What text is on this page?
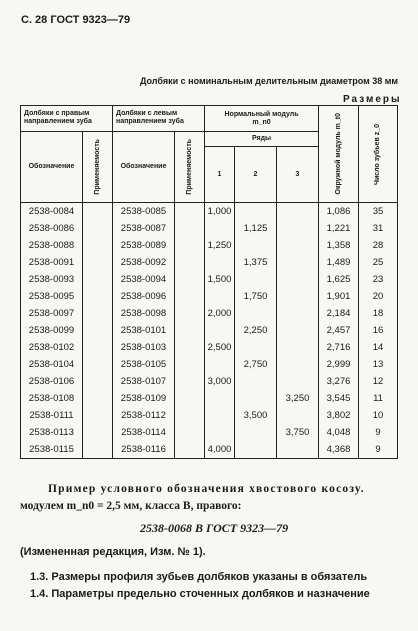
С. 28 ГОСТ 9323—79
Долбяки с номинальным делительным диаметром 38 мм
Размеры
Долбяки с правым направлением зуба		Долбяки с левым направлением зуба		Нормальный модуль
m_n0			Окружной модуль m_t0	Число зубьев z_0

Обозначение	Применяемость	Обозначение	Применяемость	Ряды				
				1	2	3		
2538-0084		2538-0085		1,000			1,086	35
2538-0086		2538-0087			1,125		1,221	31
2538-0088		2538-0089		1,250			1,358	28
2538-0091		2538-0092			1,375		1,489	25
2538-0093		2538-0094		1,500			1,625	23
2538-0095		2538-0096			1,750		1,901	20
2538-0097		2538-0098		2,000			2,184	18
2538-0099		2538-0101			2,250		2,457	16
2538-0102		2538-0103		2,500			2,716	14
2538-0104		2538-0105			2,750		2,999	13
2538-0106		2538-0107		3,000			3,276	12
2538-0108		2538-0109				3,250	3,545	11
2538-0111		2538-0112			3,500		3,802	10
2538-0113		2538-0114				3,750	4,048	9
2538-0115		2538-0116		4,000			4,368	9
Пример условного обозначения хвостового косозу.
модулем m_n0 = 2,5 мм, класса В, правого:
2538-0068 В ГОСТ 9323—79
(Измененная редакция, Изм. № 1).
1.3. Размеры профиля зубьев долбяков указаны в обязатель
1.4. Параметры предельно сточенных долбяков и назначение
